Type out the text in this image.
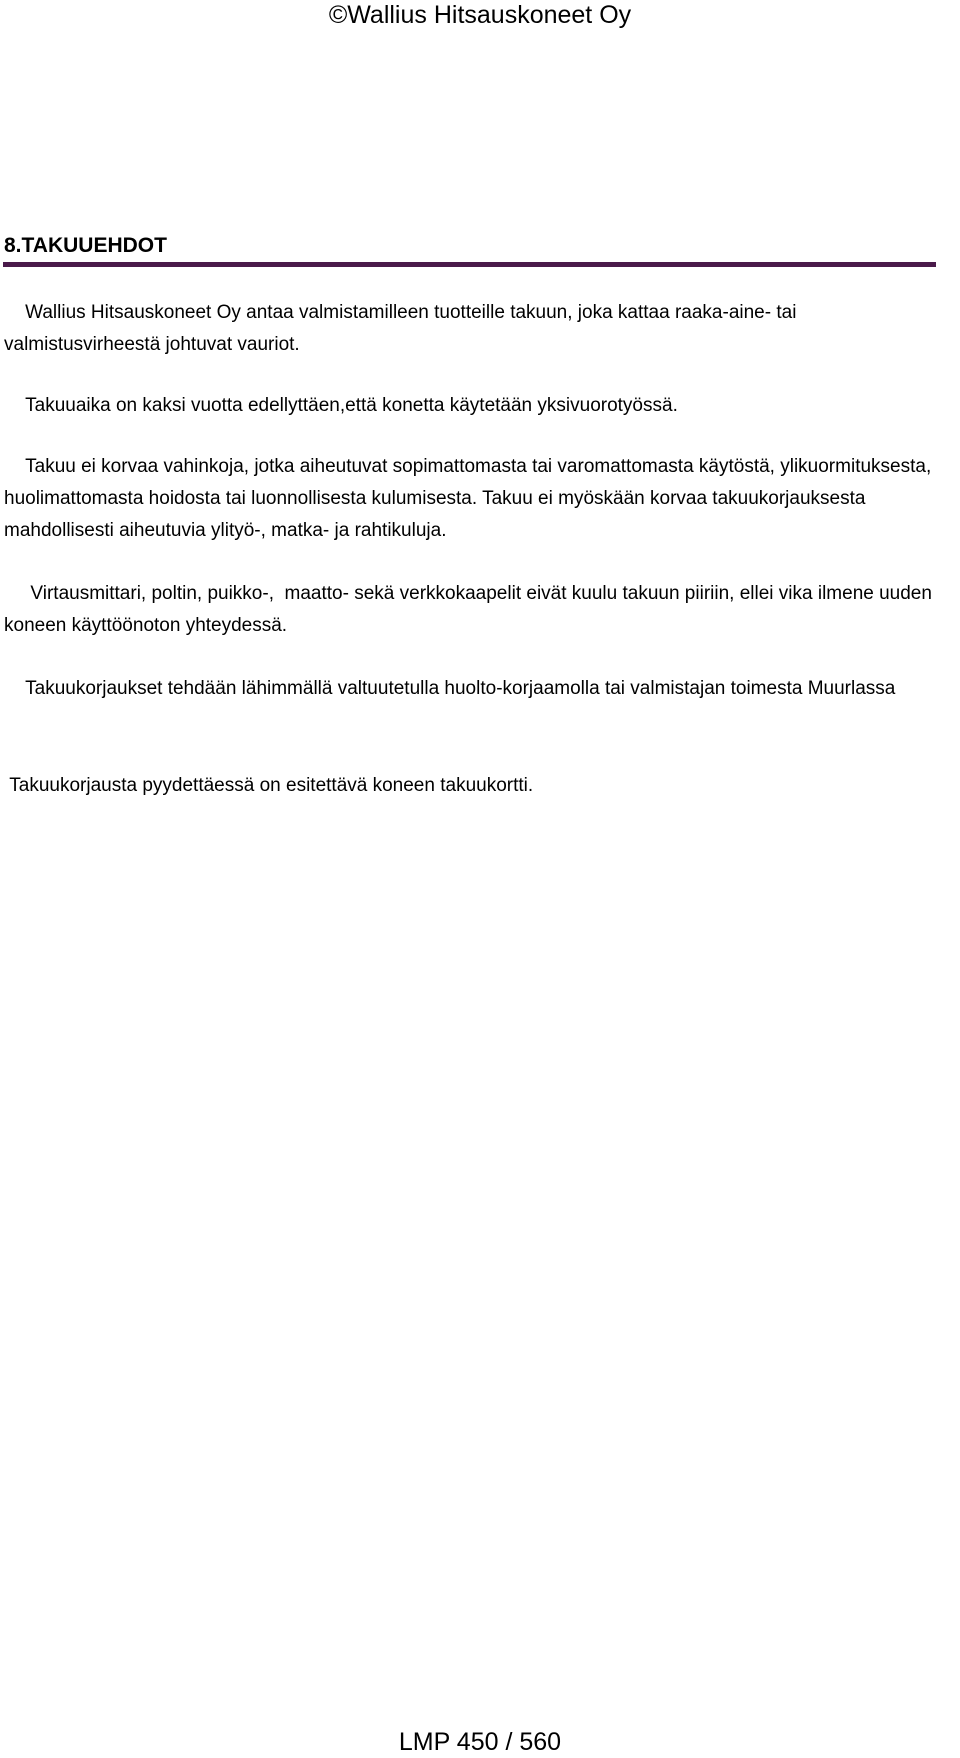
©Wallius Hitsauskoneet Oy
8.TAKUUEHDOT

Wallius Hitsauskoneet Oy antaa valmistamilleen tuotteille takuun, joka kattaa raaka-aine- tai valmistusvirheestä johtuvat vauriot.

Takuuaika on kaksi vuotta edellyttäen,että konetta käytetään yksivuorotyössä.

Takuu ei korvaa vahinkoja, jotka aiheutuvat sopimattomasta tai varomattomasta käytöstä, ylikuormituksesta, huolimattomasta hoidosta tai luonnollisesta kulumisesta. Takuu ei myöskään korvaa takuukorjauksesta mahdollisesti aiheutuvia ylityö-, matka- ja rahtikuluja.

Virtausmittari, poltin, puikko-,  maatto- sekä verkkokaapelit eivät kuulu takuun piiriin, ellei vika ilmene uuden koneen käyttöönoton yhteydessä.

Takuukorjaukset tehdään lähimmällä valtuutetulla huolto-korjaamolla tai valmistajan toimesta Muurlassa

Takuukorjausta pyydettäessä on esitettävä koneen takuukortti.

LMP 450 / 560
